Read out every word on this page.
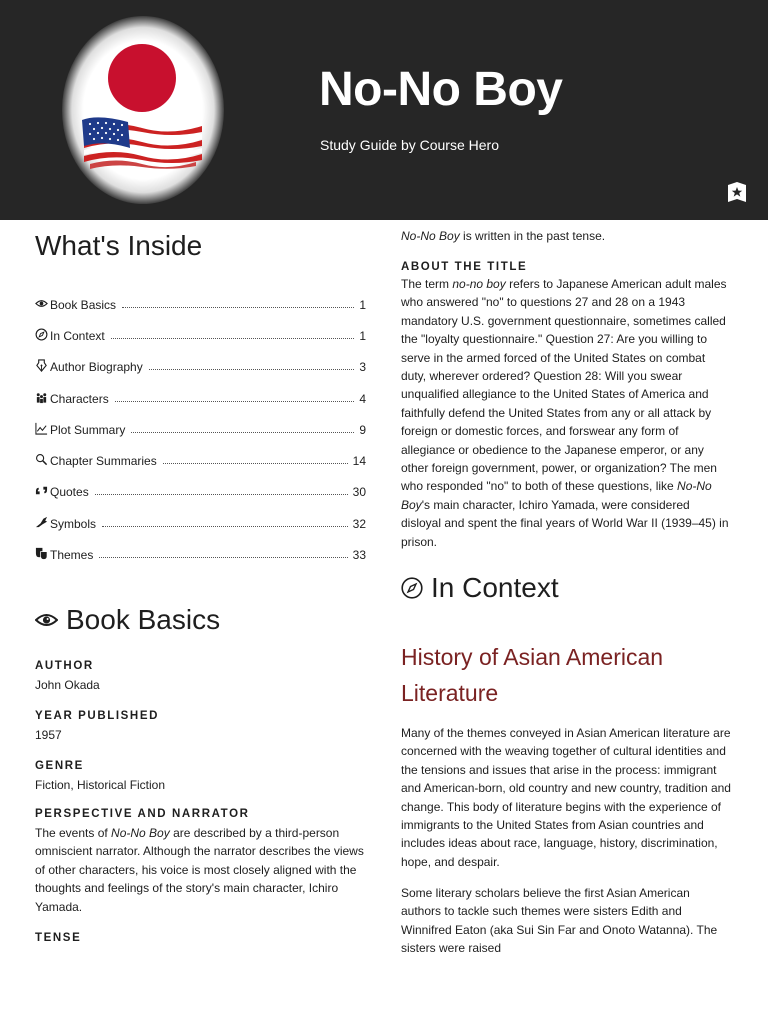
No-No Boy
Study Guide by Course Hero
What's Inside
Book Basics	1
In Context	1
Author Biography	3
Characters	4
Plot Summary	9
Chapter Summaries	14
Quotes	30
Symbols	32
Themes	33
Book Basics
AUTHOR
John Okada
YEAR PUBLISHED
1957
GENRE
Fiction, Historical Fiction
PERSPECTIVE AND NARRATOR

The events of No-No Boy are described by a third-person omniscient narrator. Although the narrator describes the views of other characters, his voice is most closely aligned with the thoughts and feelings of the story's main character, Ichiro Yamada.

TENSE

No-No Boy is written in the past tense.

ABOUT THE TITLE

The term no-no boy refers to Japanese American adult males who answered "no" to questions 27 and 28 on a 1943 mandatory U.S. government questionnaire, sometimes called the "loyalty questionnaire." Question 27: Are you willing to serve in the armed forced of the United States on combat duty, wherever ordered? Question 28: Will you swear unqualified allegiance to the United States of America and faithfully defend the United States from any or all attack by foreign or domestic forces, and forswear any form of allegiance or obedience to the Japanese emperor, or any other foreign government, power, or organization? The men who responded "no" to both of these questions, like No-No Boy's main character, Ichiro Yamada, were considered disloyal and spent the final years of World War II (1939–45) in prison.

In Context
History of Asian American Literature

Many of the themes conveyed in Asian American literature are concerned with the weaving together of cultural identities and the tensions and issues that arise in the process: immigrant and American-born, old country and new country, tradition and change. This body of literature begins with the experience of immigrants to the United States from Asian countries and includes ideas about race, language, history, discrimination, hope, and despair.

Some literary scholars believe the first Asian American authors to tackle such themes were sisters Edith and Winnifred Eaton (aka Sui Sin Far and Onoto Watanna). The sisters were raised
